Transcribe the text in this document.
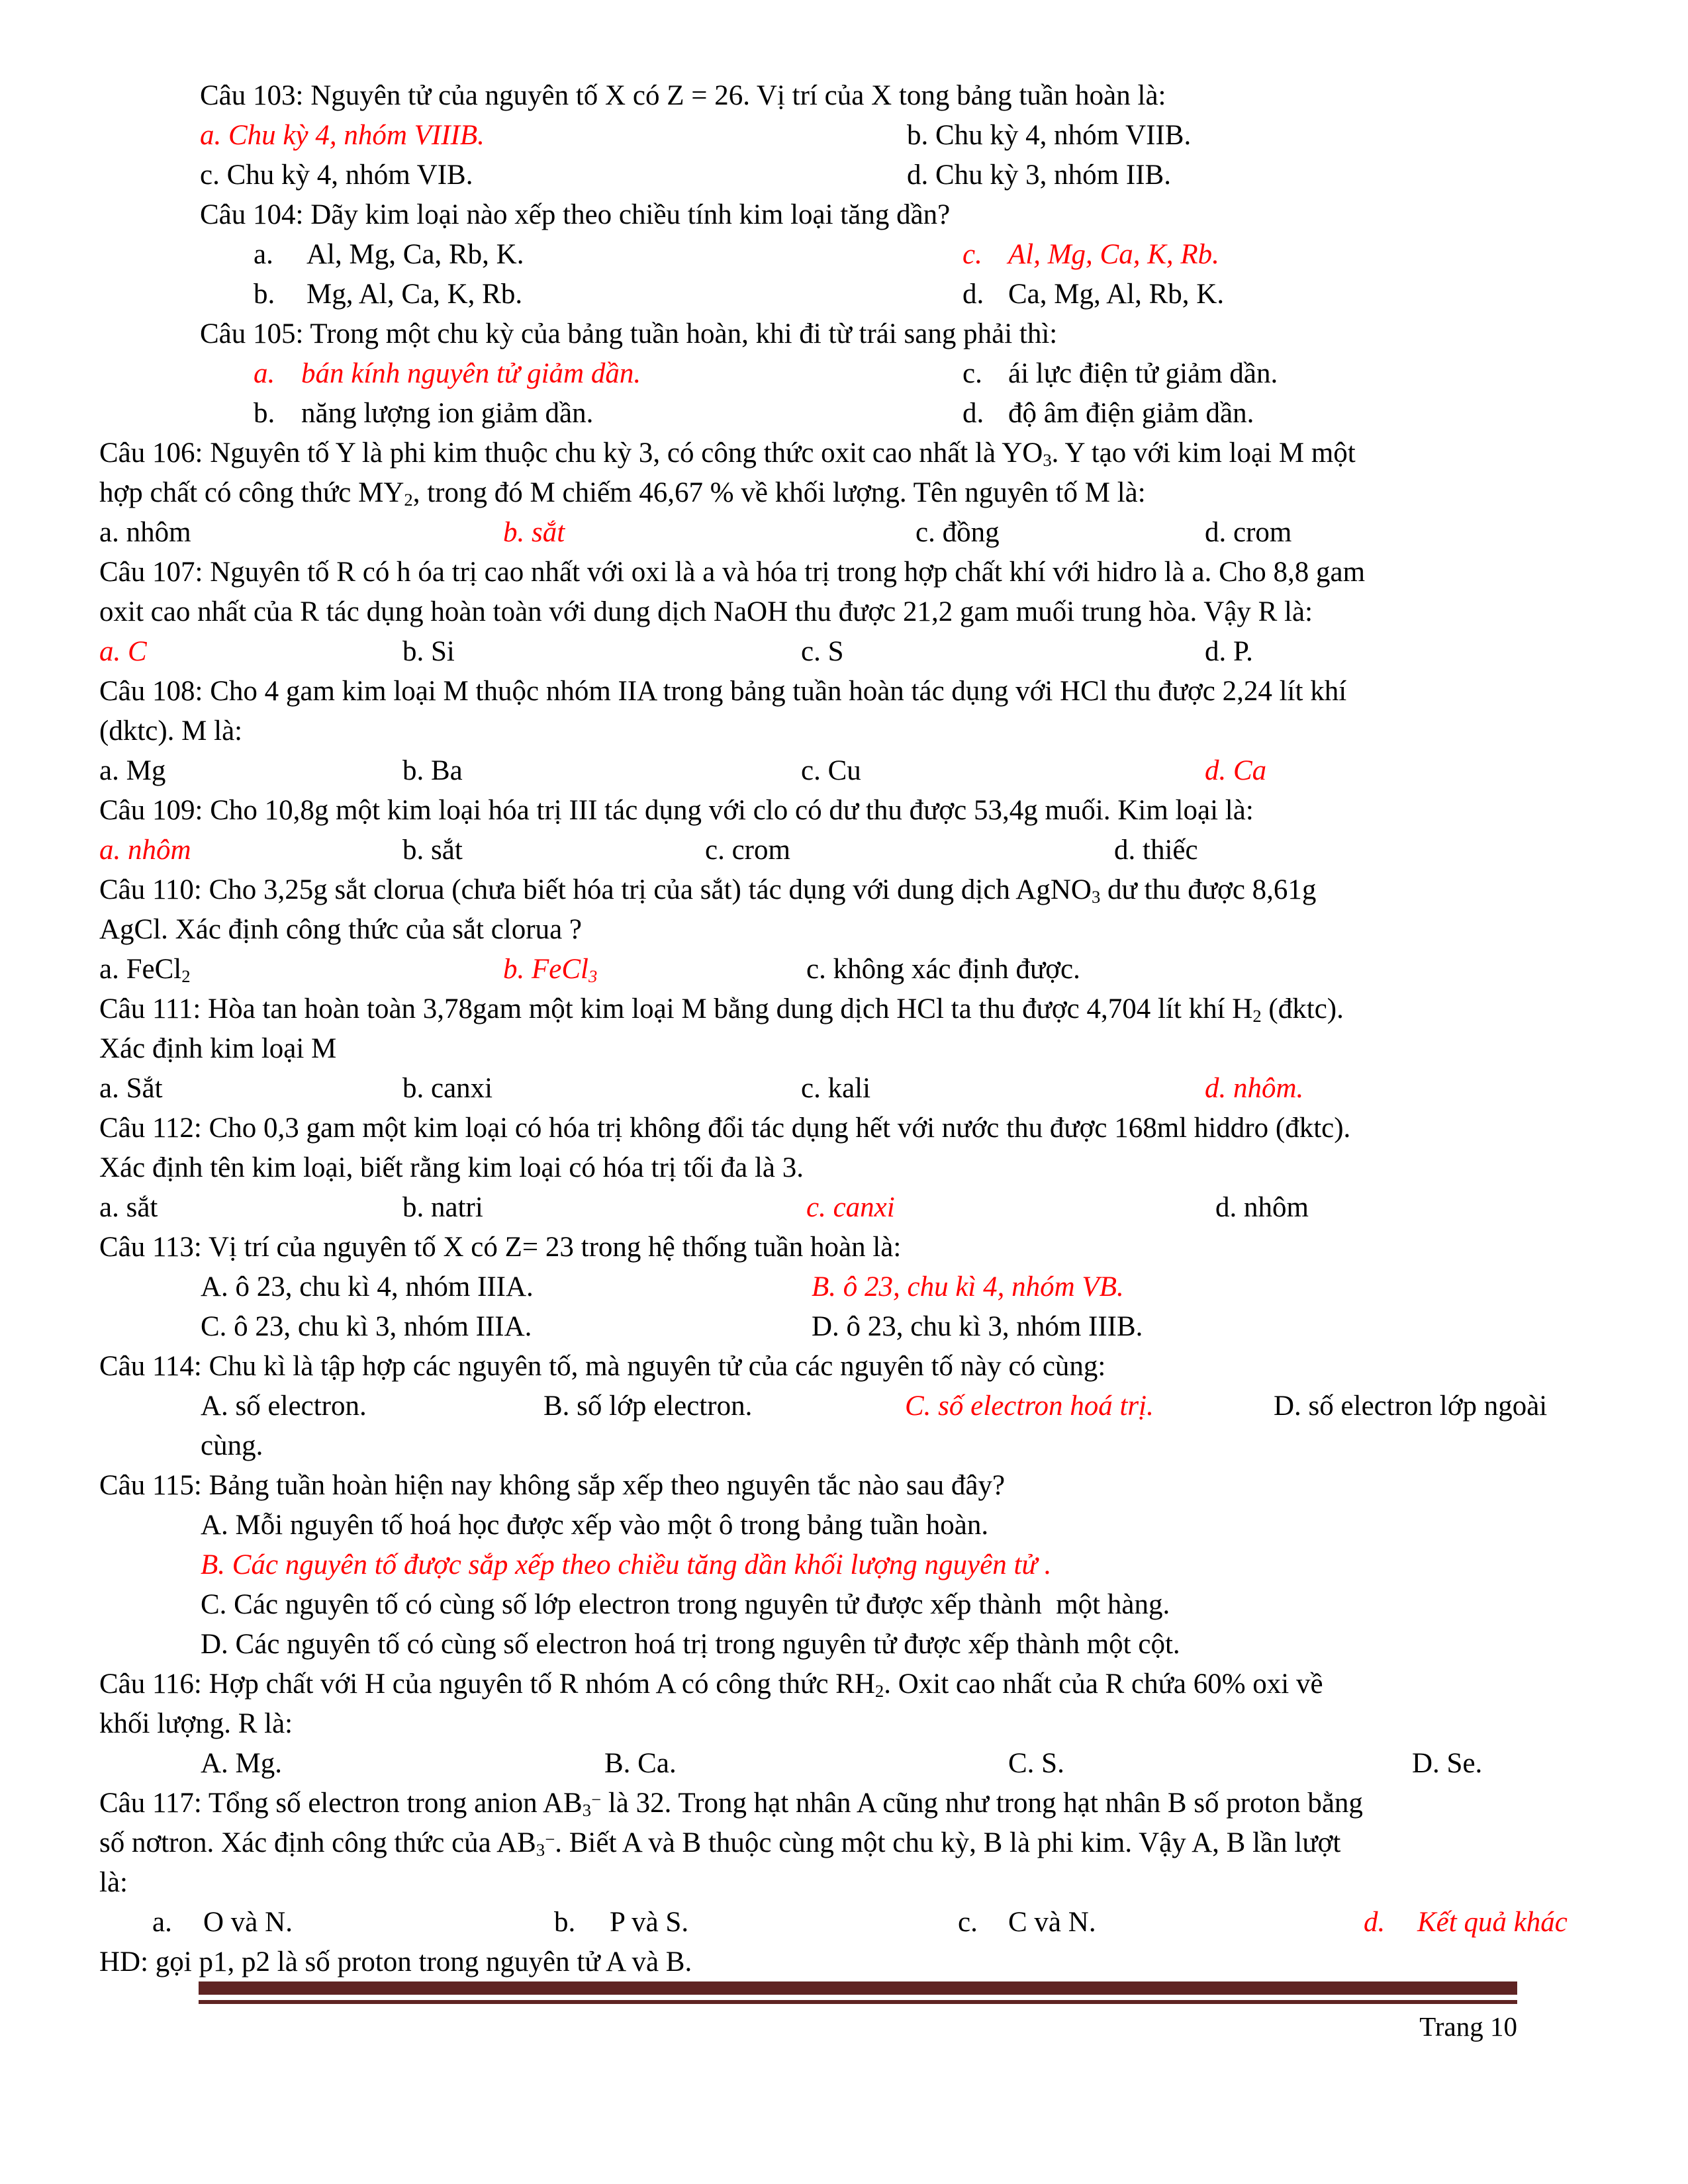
Câu 103: Nguyên tử của nguyên tố X có Z = 26. Vị trí của X tong bảng tuần hoàn là:
a. Chu kỳ 4, nhóm VIIIB.	b. Chu kỳ 4, nhóm VIIB.
c. Chu kỳ 4, nhóm VIB.	d. Chu kỳ 3, nhóm IIB.
Câu 104: Dãy kim loại nào xếp theo chiều tính kim loại tăng dần?
a. Al, Mg, Ca, Rb, K.	c. Al, Mg, Ca, K, Rb.
b. Mg, Al, Ca, K, Rb.	d. Ca, Mg, Al, Rb, K.
Câu 105: Trong một chu kỳ của bảng tuần hoàn, khi đi từ trái sang phải thì:
a. bán kính nguyên tử giảm dần.	c. ái lực điện tử giảm dần.
b. năng lượng ion giảm dần.	d. độ âm điện giảm dần.
Câu 106: Nguyên tố Y là phi kim thuộc chu kỳ 3, có công thức oxit cao nhất là YO3. Y tạo với kim loại M một
hợp chất có công thức MY2, trong đó M chiếm 46,67 % về khối lượng. Tên nguyên tố M là:
a. nhôm	b. sắt	c. đồng	d. crom
Câu 107: Nguyên tố R có h óa trị cao nhất với oxi là a và hóa trị trong hợp chất khí với hidro là a. Cho 8,8 gam
oxit cao nhất của R tác dụng hoàn toàn với dung dịch NaOH thu được 21,2 gam muối trung hòa. Vậy R là:
a. C	b. Si	c. S	d. P.
Câu 108: Cho 4 gam kim loại M thuộc nhóm IIA trong bảng tuần hoàn tác dụng với HCl thu được 2,24 lít khí
(dktc). M là:
a. Mg	b. Ba	c. Cu	d. Ca
Câu 109: Cho 10,8g một kim loại hóa trị III tác dụng với clo có dư thu được 53,4g muối. Kim loại là:
a. nhôm	b. sắt	c. crom	d. thiếc
Câu 110: Cho 3,25g sắt clorua (chưa biết hóa trị của sắt) tác dụng với dung dịch AgNO3 dư thu được 8,61g
AgCl. Xác định công thức của sắt clorua ?
a. FeCl2	b. FeCl3	c. không xác định được.
Câu 111: Hòa tan hoàn toàn 3,78gam một kim loại M bằng dung dịch HCl ta thu được 4,704 lít khí H2 (đktc).
Xác định kim loại M
a. Sắt	b. canxi	c. kali	d. nhôm.
Câu 112: Cho 0,3 gam một kim loại có hóa trị không đổi tác dụng hết với nước thu được 168ml hiddro (đktc).
Xác định tên kim loại, biết rằng kim loại có hóa trị tối đa là 3.
a. sắt	b. natri	c. canxi	d. nhôm
Câu 113: Vị trí của nguyên tố X có Z= 23 trong hệ thống tuần hoàn là:
A. ô 23, chu kì 4, nhóm IIIA.	B. ô 23, chu kì 4, nhóm VB.
C. ô 23, chu kì 3, nhóm IIIA.	D. ô 23, chu kì 3, nhóm IIIB.
Câu 114: Chu kì là tập hợp các nguyên tố, mà nguyên tử của các nguyên tố này có cùng:
A. số electron.	B. số lớp electron.	C. số electron hoá trị.	D. số electron lớp ngoài
cùng.
Câu 115: Bảng tuần hoàn hiện nay không sắp xếp theo nguyên tắc nào sau đây?
A. Mỗi nguyên tố hoá học được xếp vào một ô trong bảng tuần hoàn.
B. Các nguyên tố được sắp xếp theo chiều tăng dần khối lượng nguyên tử .
C. Các nguyên tố có cùng số lớp electron trong nguyên tử được xếp thành  một hàng.
D. Các nguyên tố có cùng số electron hoá trị trong nguyên tử được xếp thành một cột.
Câu 116: Hợp chất với H của nguyên tố R nhóm A có công thức RH2. Oxit cao nhất của R chứa 60% oxi về
khối lượng. R là:
A. Mg.	B. Ca.	C. S.	D. Se.
Câu 117: Tổng số electron trong anion AB3− là 32. Trong hạt nhân A cũng như trong hạt nhân B số proton bằng
số nơtron. Xác định công thức của AB3−. Biết A và B thuộc cùng một chu kỳ, B là phi kim. Vậy A, B lần lượt
là:
a. O và N.	b. P và S.	c. C và N.	d. Kết quả khác
HD: gọi p1, p2 là số proton trong nguyên tử A và B.
Trang 10
